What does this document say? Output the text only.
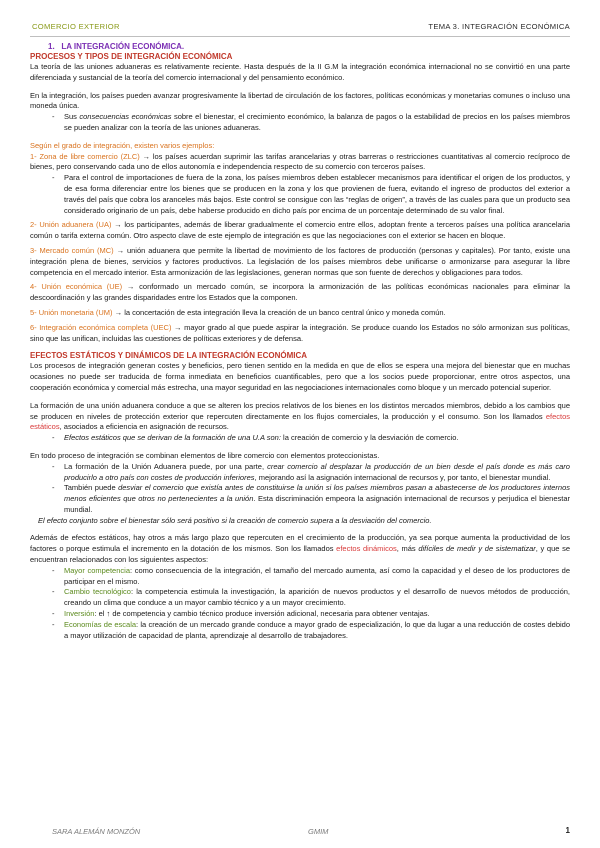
COMERCIO EXTERIOR	TEMA 3. INTEGRACIÓN ECONÓMICA
1. LA INTEGRACIÓN ECONÓMICA.
PROCESOS Y TIPOS DE INTEGRACIÓN ECONÓMICA

La teoría de las uniones aduaneras es relativamente reciente. Hasta después de la II G.M la integración económica internacional no se convirtió en una parte diferenciada y sustancial de la teoría del comercio internacional y del pensamiento económico.

En la integración, los países pueden avanzar progresivamente la libertad de circulación de los factores, políticas económicas y monetarias comunes o incluso una moneda única.

- Sus consecuencias económicas sobre el bienestar, el crecimiento económico, la balanza de pagos o la estabilidad de precios en los países miembros se pueden analizar con la teoría de las uniones aduaneras.

Según el grado de integración, existen varios ejemplos:

1- Zona de libre comercio (ZLC) → los países acuerdan suprimir las tarifas arancelarias y otras barreras o restricciones cuantitativas al comercio recíproco de bienes, pero conservando cada uno de ellos autonomía e independencia respecto de su comercio con terceros países.

- Para el control de importaciones de fuera de la zona, los países miembros deben establecer mecanismos para identificar el origen de los productos, y de esa forma diferenciar entre los bienes que se producen en la zona y los que provienen de fuera, evitando el ingreso de productos del exterior a través del país que cobra los aranceles más bajos. Este control se consigue con las “reglas de origen”, a través de las cuales para que un producto sea considerado originario de un país, debe haberse producido en dicho país por encima de un porcentaje determinado de su valor final.

2- Unión aduanera (UA) → los participantes, además de liberar gradualmente el comercio entre ellos, adoptan frente a terceros países una política arancelaria común o tarifa externa común. Otro aspecto clave de este ejemplo de integración es que las negociaciones con el exterior se hacen en bloque.

3- Mercado común (MC) → unión aduanera que permite la libertad de movimiento de los factores de producción (personas y capitales). Por tanto, existe una integración plena de bienes, servicios y factores productivos. La legislación de los países miembros debe unificarse o armonizarse para asegurar la libre competencia en el mercado interior. Esta armonización de las legislaciones, generan normas que son fuente de derechos y obligaciones para todos.

4- Unión económica (UE) → conformado un mercado común, se incorpora la armonización de las políticas económicas nacionales para eliminar la descoordinación y las grandes disparidades entre los Estados que la componen.

5- Unión monetaria (UM) → la concertación de esta integración lleva la creación de un banco central único y moneda común.

6- Integración económica completa (UEC) → mayor grado al que puede aspirar la integración. Se produce cuando los Estados no sólo armonizan sus políticas, sino que las unifican, incluidas las cuestiones de políticas exteriores y de defensa.

EFECTOS ESTÁTICOS Y DINÁMICOS DE LA INTEGRACIÓN ECONÓMICA

Los procesos de integración generan costes y beneficios, pero tienen sentido en la medida en que de ellos se espera una mejora del bienestar que en muchas ocasiones no puede ser traducida de forma inmediata en beneficios cuantificables, pero que a los socios puede proporcionar, entre otros aspectos, una cooperación económica y comercial más estrecha, una mayor seguridad en las negociaciones internacionales como bloque y un mercado potencial superior.

La formación de una unión aduanera conduce a que se alteren los precios relativos de los bienes en los distintos mercados miembros, debido a los cambios que se producen en niveles de protección exterior que repercuten directamente en los flujos comerciales, la producción y el consumo. Son los llamados efectos estáticos, asociados a eficiencia en asignación de recursos.

- Efectos estáticos que se derivan de la formación de una U.A son: la creación de comercio y la desviación de comercio.

En todo proceso de integración se combinan elementos de libre comercio con elementos proteccionistas.

- La formación de la Unión Aduanera puede, por una parte, crear comercio al desplazar la producción de un bien desde el país donde es más caro producirlo a otro país con costes de producción inferiores, mejorando así la asignación internacional de recursos y, por tanto, el bienestar mundial.
- También puede desviar el comercio que existía antes de constituirse la unión si los países miembros pasan a abastecerse de los productores internos menos eficientes que otros no pertenecientes a la unión. Esta discriminación empeora la asignación internacional de recursos y perjudica el bienestar mundial.
El efecto conjunto sobre el bienestar sólo será positivo si la creación de comercio supera a la desviación del comercio.

Además de efectos estáticos, hay otros a más largo plazo que repercuten en el crecimiento de la producción, ya sea porque aumenta la productividad de los factores o porque estimula el incremento en la dotación de los mismos. Son los llamados efectos dinámicos, más difíciles de medir y de sistematizar, y que se encuentran relacionados con los siguientes aspectos:

- Mayor competencia: como consecuencia de la integración, el tamaño del mercado aumenta, así como la capacidad y el deseo de los productores de participar en el mismo.
- Cambio tecnológico: la competencia estimula la investigación, la aparición de nuevos productos y el desarrollo de nuevos métodos de producción, creando un clima que conduce a un mayor cambio técnico y a un mayor crecimiento.
- Inversión: el ↑ de competencia y cambio técnico produce inversión adicional, necesaria para obtener ventajas.
- Economías de escala: la creación de un mercado grande conduce a mayor grado de especialización, lo que da lugar a una reducción de costes debido a mayor utilización de capacidad de planta, aprendizaje al desarrollo de trabajadores.
SARA ALEMÁN MONZÓN	GMIM	1
